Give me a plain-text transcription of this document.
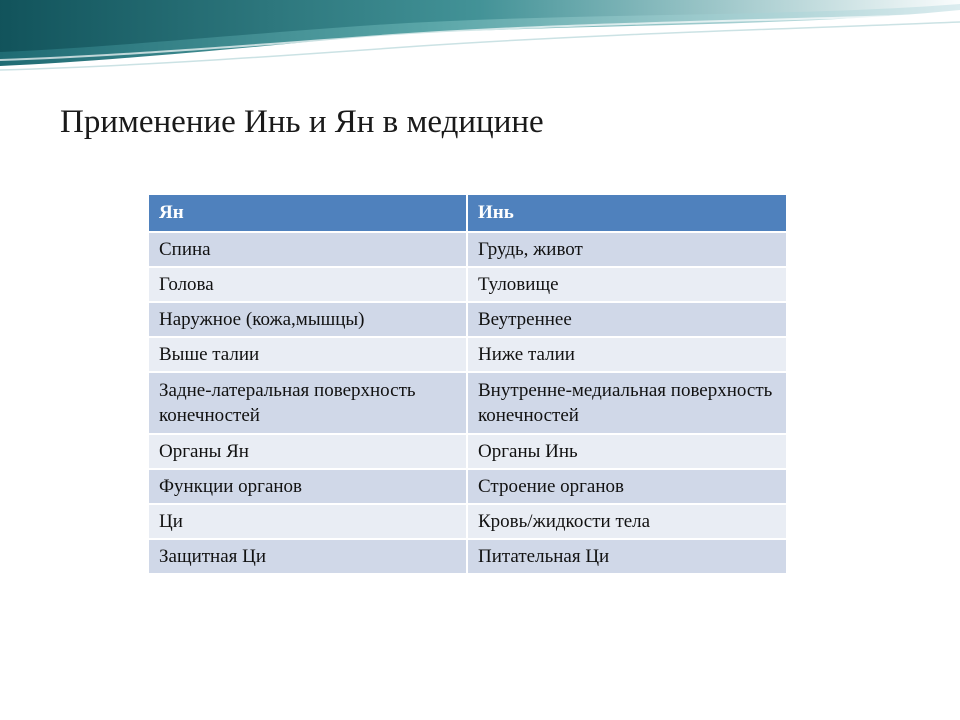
Применение Инь и Ян в медицине
Ян	Инь
Спина	Грудь, живот
Голова	Туловище
Наружное (кожа,мышцы)	Веутреннее
Выше талии	Ниже талии
Задне-латеральная поверхность конечностей	Внутренне-медиальная поверхность конечностей
Органы Ян	Органы Инь
Функции органов	Строение органов
Ци	Кровь/жидкости тела
Защитная Ци	Питательная Ци
